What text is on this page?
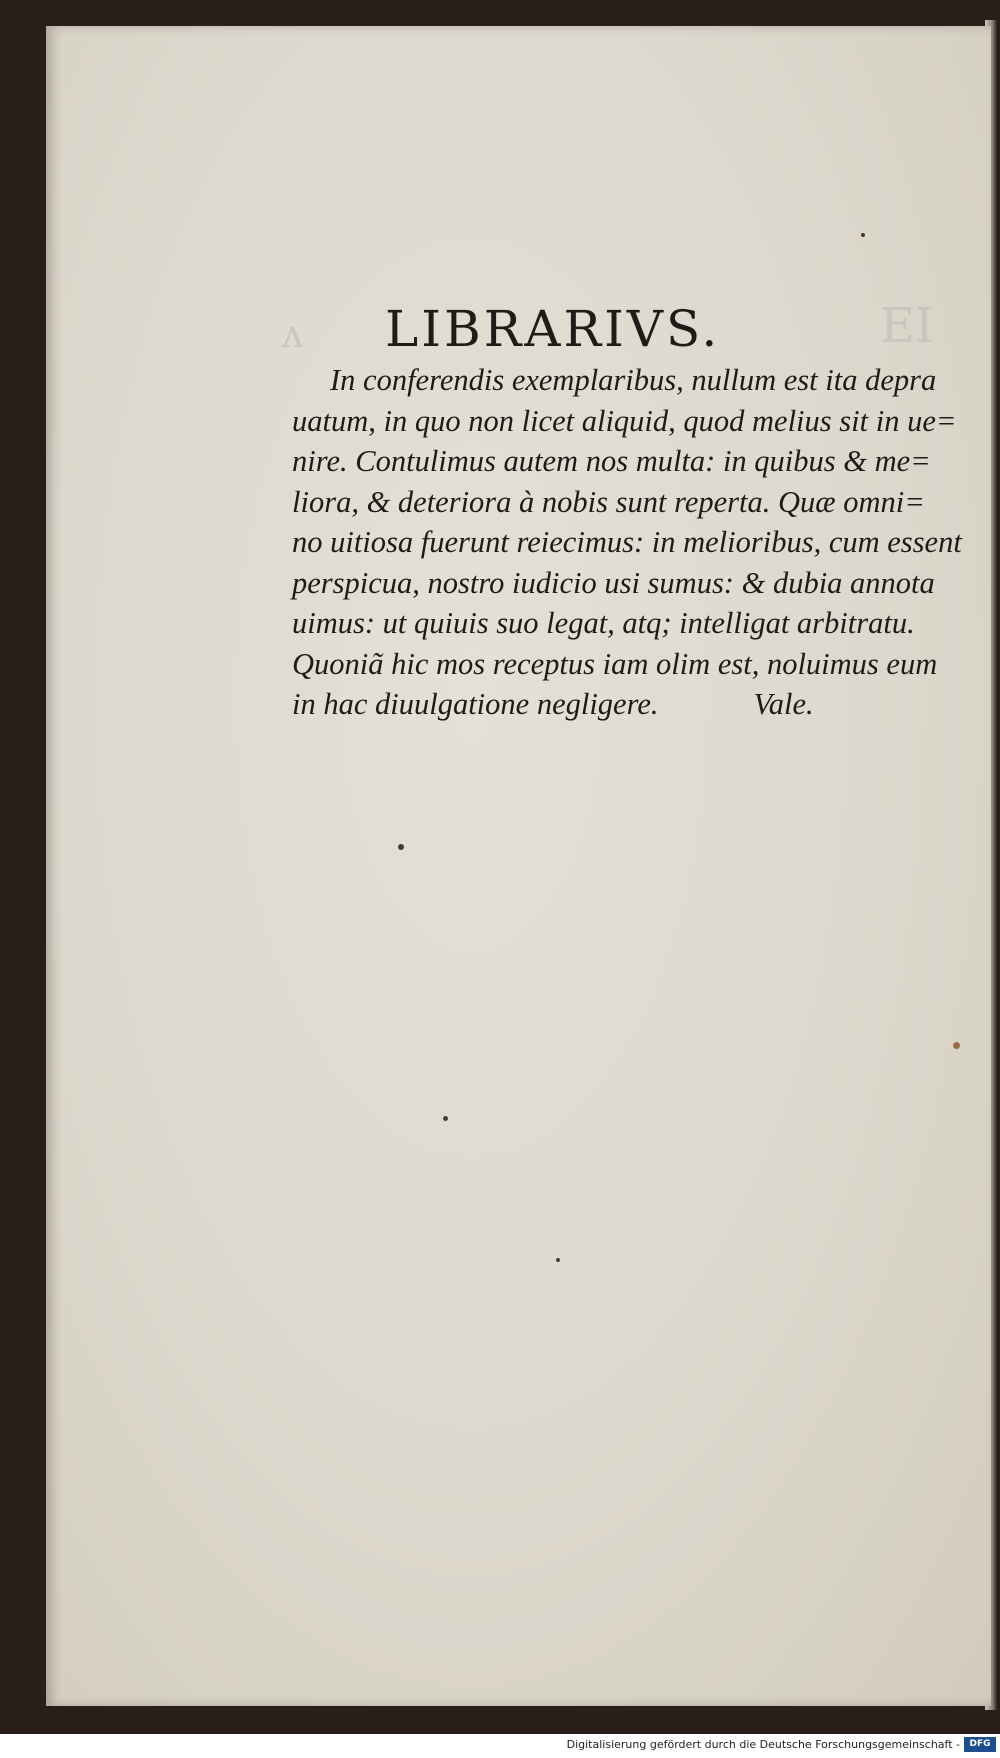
ʌ	EI
LIBRARIVS.
In conferendis exemplaribus, nullum est ita depra
uatum, in quo non licet aliquid, quod melius sit in ue=
nire. Contulimus autem nos multa: in quibus & me=
liora, & deteriora à nobis sunt reperta. Quæ omni=
no uitiosa fuerunt reiecimus: in melioribus, cum essent
perspicua, nostro iudicio usi sumus: & dubia annota
uimus: ut quiuis suo legat, atq; intelligat arbitratu.
Quoniã hic mos receptus iam olim est, noluimus eum
in hac diuulgatione negligere.	Vale.
Digitalisierung gefördert durch die Deutsche Forschungsgemeinschaft -	DFG
